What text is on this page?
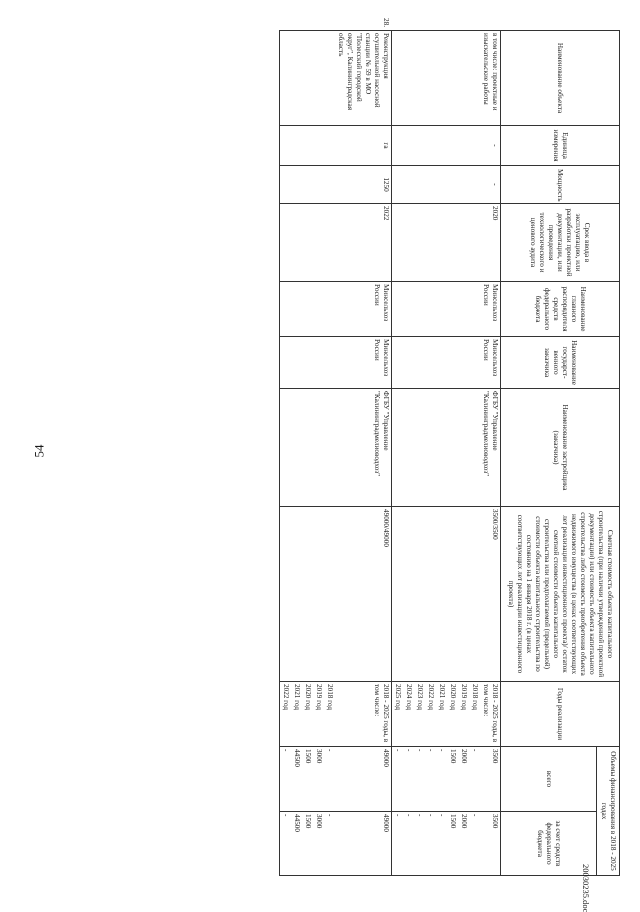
54
Наименование объекта	Единица измерения	Мощность	Срок ввода в эксплуатацию, или разработки проектной документации, или проведения технологического и ценового аудита	Наименование главного распорядителя средств федерального бюджета	Наименование государст- венного заказчика	Наименование застройщика (заказчика)	Сметная стоимость объекта капитального строительства (при наличии утвержденной проектной документации) или стоимость объекта капитального строительства либо стоимость приобретения объекта недвижимого имущества (в ценах соответствующих лет реализации инвестиционного проекта)/ остаток сметной стоимости объекта капитального строительства или предполагаемой (предельной) стоимости объекта капитального строительства по состоянию на 1 января 2018 г. (в ценах соответствующих лет реализации инвестиционного проекта)	Годы реализации	Объемы финансирования в 2018 - 2025 годах	
									всего	за счет средств федерального бюджета
в том числе: проектные и изыскательские работы	-	-	2020	Минсельхоз России	Минсельхоз России	ФГБУ "Управление "Калининградмелиоводхоз"	3500/3500	2018 - 2025 годы, в том числе:	3500	3500
								2018 год	-	-
								2019 год	2000	2000
								2020 год	1500	1500
								2021 год	-	-
								2022 год	-	-
								2023 год	-	-
								2024 год	-	-
								2025 год	-	-

28.
Реконструкция осушительной насосной станции № 59 в МО "Полесский городской округ", Калининградская область	га	1250	2022	Минсельхоз России	Минсельхоз России	ФГБУ "Управление "Калининградмелиоводхоз"	49000/49000	2018 - 2025 годы, в том числе:	49000	49000
								2018 год	-	-
								2019 год	3000	3000
								2020 год	1500	1500
								2021 год	44500	44500
								2022 год	-	-
20030235.doc
